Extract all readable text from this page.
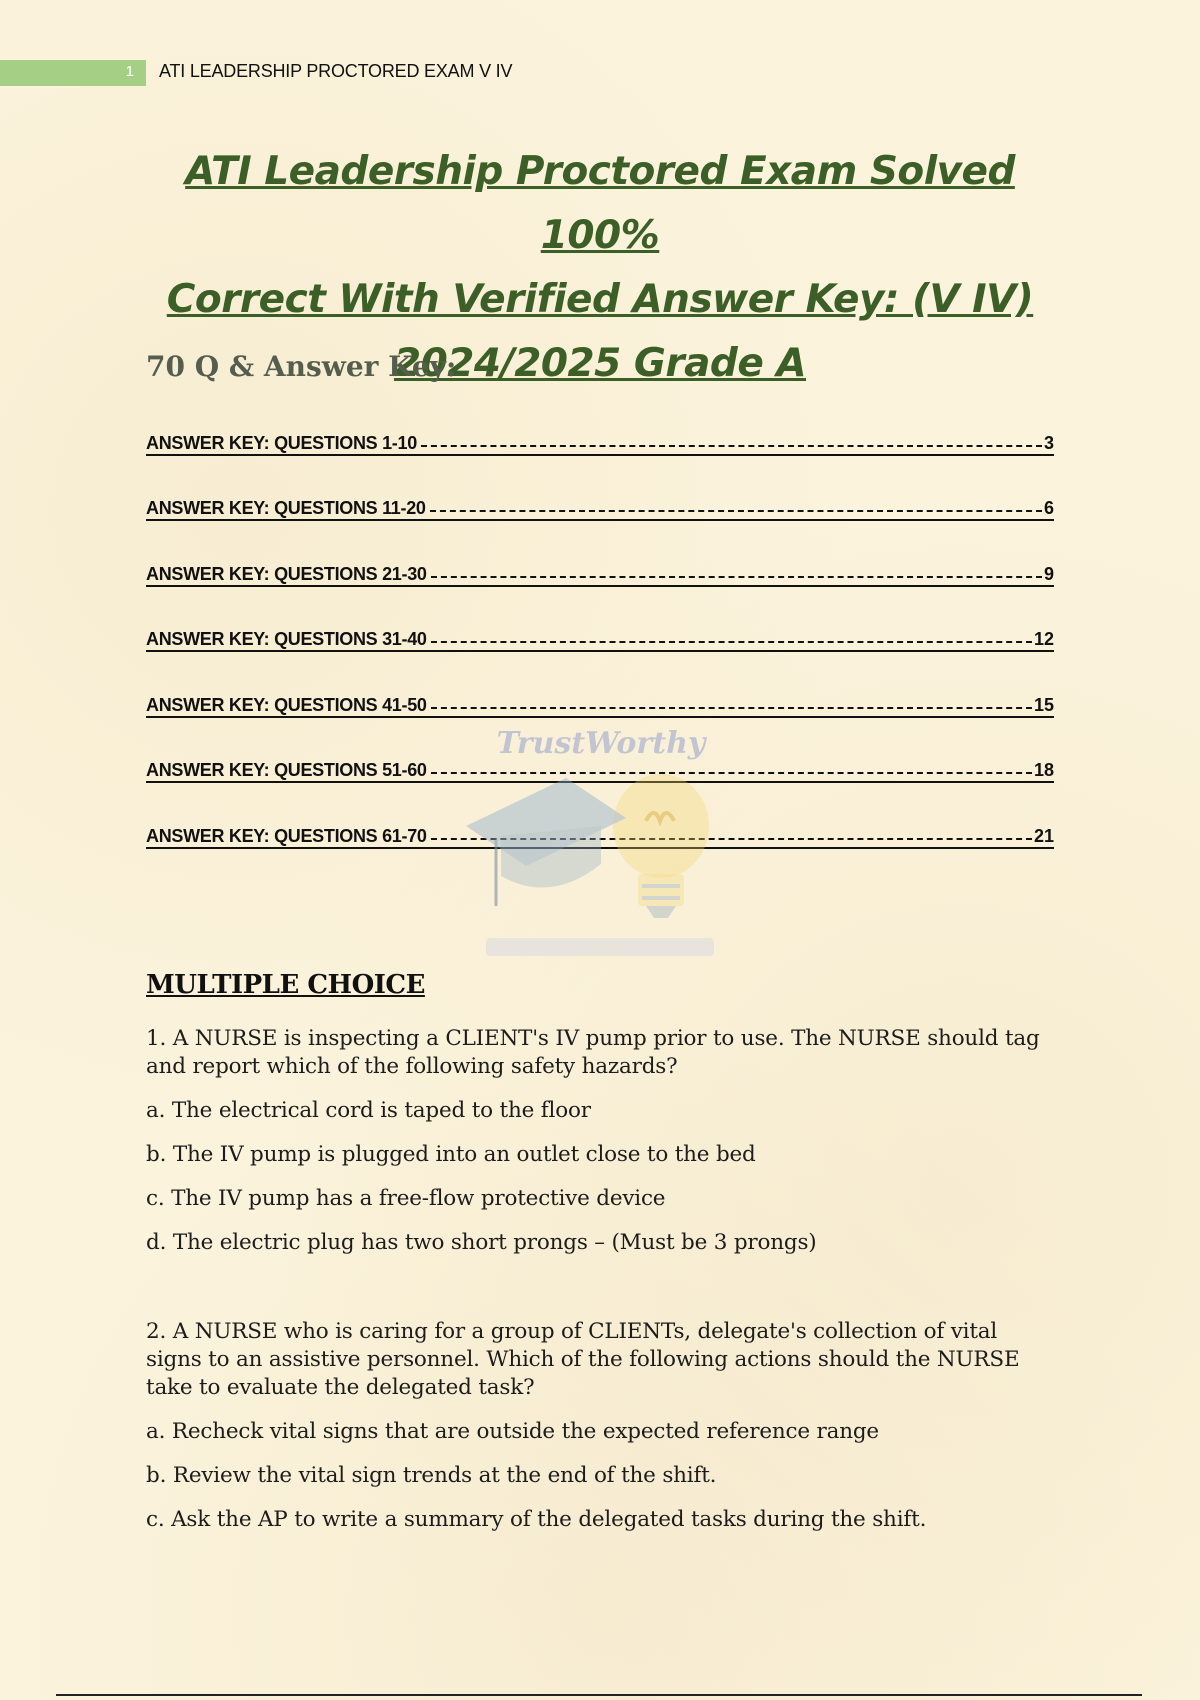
1 ATI LEADERSHIP PROCTORED EXAM V IV
ATI Leadership Proctored Exam Solved 100%
Correct With Verified Answer Key: (V IV)
2024/2025 Grade A
70 Q & Answer Key:
ANSWER KEY: QUESTIONS 1-10	3
ANSWER KEY: QUESTIONS 11-20	6
ANSWER KEY: QUESTIONS 21-30	9
ANSWER KEY: QUESTIONS 31-40	12
ANSWER KEY: QUESTIONS 41-50	15
ANSWER KEY: QUESTIONS 51-60	18
ANSWER KEY: QUESTIONS 61-70	21
TrustWorthy
MULTIPLE CHOICE

1. A NURSE is inspecting a CLIENT's IV pump prior to use. The NURSE should tag and report which of the following safety hazards?

a. The electrical cord is taped to the floor

b. The IV pump is plugged into an outlet close to the bed

c. The IV pump has a free-flow protective device

d. The electric plug has two short prongs – (Must be 3 prongs)

2. A NURSE who is caring for a group of CLIENTs, delegate's collection of vital signs to an assistive personnel. Which of the following actions should the NURSE take to evaluate the delegated task?

a. Recheck vital signs that are outside the expected reference range

b. Review the vital sign trends at the end of the shift.

c. Ask the AP to write a summary of the delegated tasks during the shift.
